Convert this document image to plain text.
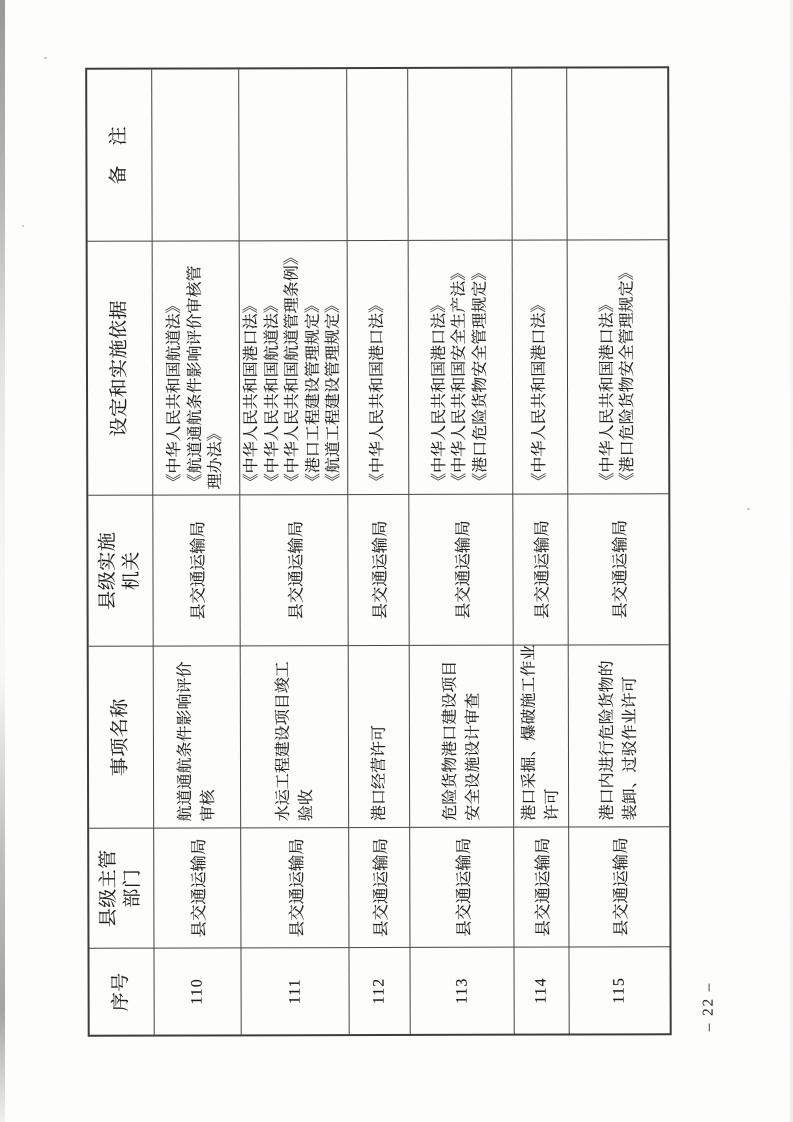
序号
县级主管
部门
事项名称
县级实施
机关
设定和实施依据
备　注
110
县交通运输局
航道通航条件影响评价
审核
县交通运输局
《中华人民共和国航道法》
《航道通航条件影响评价审核管
理办法》
111
县交通运输局
水运工程建设项目竣工
验收
县交通运输局
《中华人民共和国港口法》
《中华人民共和国航道法》
《中华人民共和国航道管理条例》
《港口工程建设管理规定》
《航道工程建设管理规定》
112
县交通运输局
港口经营许可
县交通运输局
《中华人民共和国港口法》
113
县交通运输局
危险货物港口建设项目
安全设施设计审查
县交通运输局
《中华人民共和国港口法》
《中华人民共和国安全生产法》
《港口危险货物安全管理规定》
114
县交通运输局
港口采掘、爆破施工作业
许可
县交通运输局
《中华人民共和国港口法》
115
县交通运输局
港口内进行危险货物的
装卸、过驳作业许可
县交通运输局
《中华人民共和国港口法》
《港口危险货物安全管理规定》
– 22 –
